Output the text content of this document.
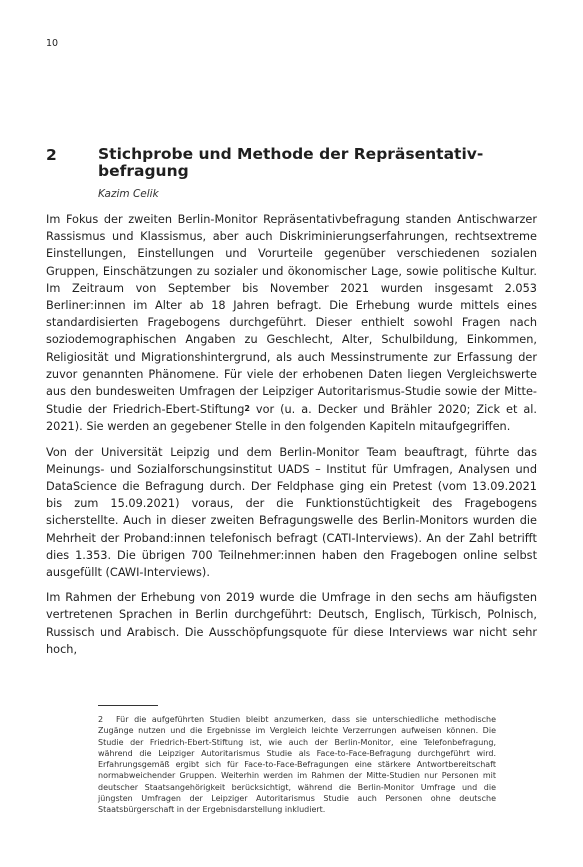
10
2	Stichprobe und Methode der Repräsentativ-befragung
Kazim Celik

Im Fokus der zweiten Berlin-Monitor Repräsentativbefragung standen Antischwarzer Rassismus und Klassismus, aber auch Diskriminierungserfahrungen, rechtsextreme Einstellungen, Einstellungen und Vorurteile gegenüber verschiedenen sozialen Gruppen, Einschätzungen zu sozialer und ökonomischer Lage, sowie politische Kultur. Im Zeitraum von September bis November 2021 wurden insgesamt 2.053 Berliner:innen im Alter ab 18 Jahren befragt. Die Erhebung wurde mittels eines standardisierten Fragebogens durchgeführt. Dieser enthielt sowohl Fragen nach soziodemographischen Angaben zu Geschlecht, Alter, Schulbildung, Einkommen, Religiosität und Migrationshintergrund, als auch Messinstrumente zur Erfassung der zuvor genannten Phänomene. Für viele der erhobenen Daten liegen Vergleichswerte aus den bundesweiten Umfragen der Leipziger Autoritarismus-Studie sowie der Mitte-Studie der Friedrich-Ebert-Stiftung$^2$ vor (u. a. Decker und Brähler 2020; Zick et al. 2021). Sie werden an gegebener Stelle in den folgenden Kapiteln mitaufgegriffen.

Von der Universität Leipzig und dem Berlin-Monitor Team beauftragt, führte das Meinungs- und Sozialforschungsinstitut UADS – Institut für Umfragen, Analysen und DataScience die Befragung durch. Der Feldphase ging ein Pretest (vom 13.09.2021 bis zum 15.09.2021) voraus, der die Funktionstüchtigkeit des Fragebogens sicherstellte. Auch in dieser zweiten Befragungswelle des Berlin-Monitors wurden die Mehrheit der Proband:innen telefonisch befragt (CATI-Interviews). An der Zahl betrifft dies 1.353. Die übrigen 700 Teilnehmer:innen haben den Fragebogen online selbst ausgefüllt (CAWI-Interviews).

Im Rahmen der Erhebung von 2019 wurde die Umfrage in den sechs am häufigsten vertretenen Sprachen in Berlin durchgeführt: Deutsch, Englisch, Türkisch, Polnisch, Russisch und Arabisch. Die Ausschöpfungsquote für diese Interviews war nicht sehr hoch,

2 Für die aufgeführten Studien bleibt anzumerken, dass sie unterschiedliche methodische Zugänge nutzen und die Ergebnisse im Vergleich leichte Verzerrungen aufweisen können. Die Studie der Friedrich-Ebert-Stiftung ist, wie auch der Berlin-Monitor, eine Telefonbefragung, während die Leipziger Autoritarismus Studie als Face-to-Face-Befragung durchgeführt wird. Erfahrungsgemäß ergibt sich für Face-to-Face-Befragungen eine stärkere Antwortbereitschaft normabweichender Gruppen. Weiterhin werden im Rahmen der Mitte-Studien nur Personen mit deutscher Staatsangehörigkeit berücksichtigt, während die Berlin-Monitor Umfrage und die jüngsten Umfragen der Leipziger Autoritarismus Studie auch Personen ohne deutsche Staatsbürgerschaft in der Ergebnisdarstellung inkludiert.
